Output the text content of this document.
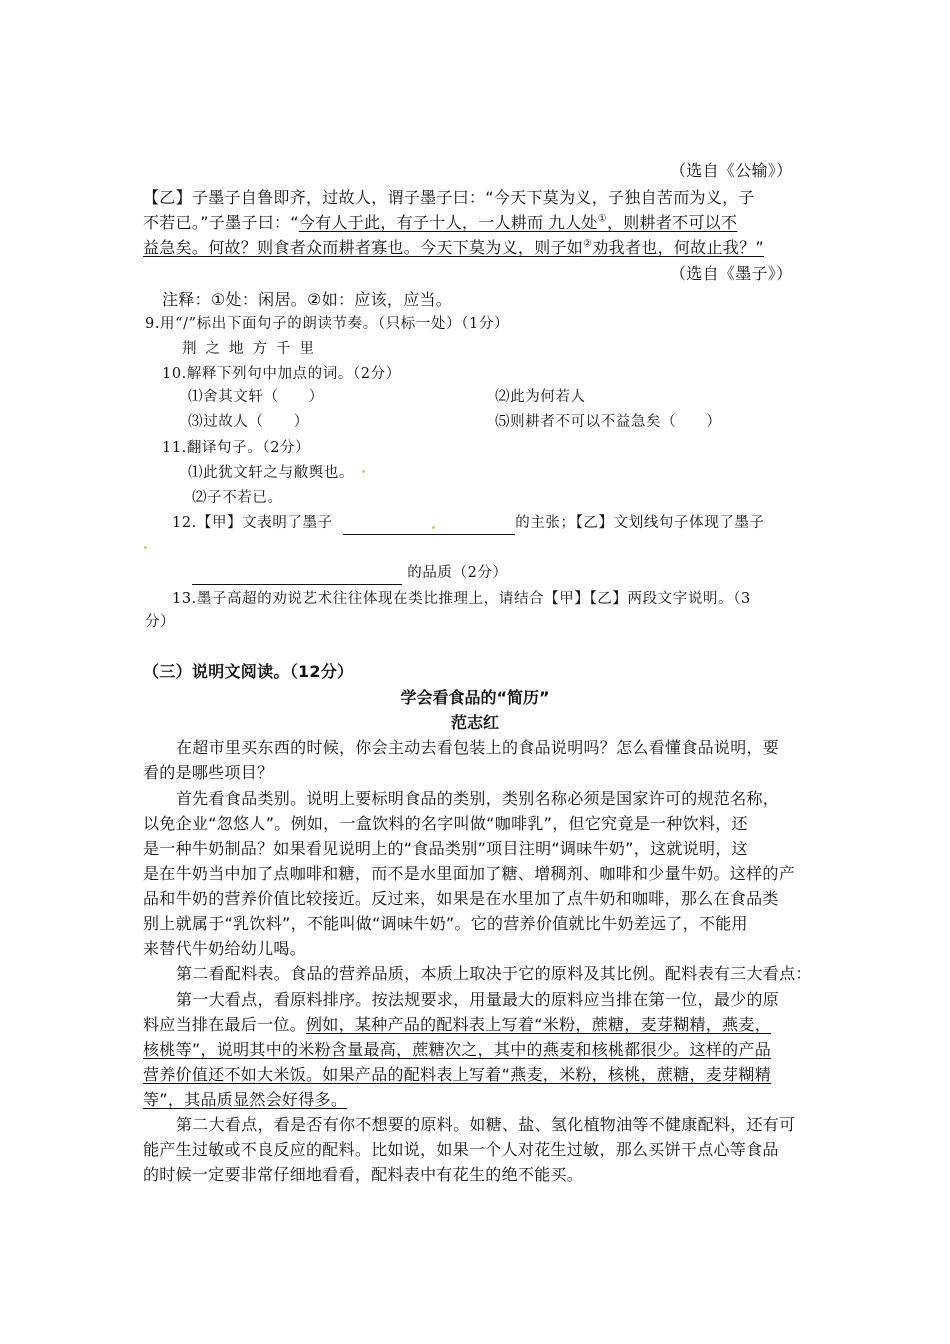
（选自《公输》）
【乙】子墨子自鲁即齐，过故人，谓子墨子曰：“今天下莫为义，子独自苦而为义，子
不若已。”子墨子曰：“今有人于此，有子十人，一人耕而 九人处①，则耕者不可以不
益急矣。何故？则食者众而耕者寡也。今天下莫为义，则子如②劝我者也，何故止我？”
（选自《墨子》）
注释：①处：闲居。②如：应该，应当。
9.用“/”标出下面句子的朗读节奏。（只标一处）（1分）
荆之地方千里
10.解释下列句中加点的词。（2分）
⑴舍其文轩（　　）	⑵此为何若人
⑶过故人（　　）	⑸则耕者不可以不益急矣（　　）
11.翻译句子。（2分）
⑴此犹文轩之与敝舆也。
⑵子不若已。
12.【甲】文表明了墨子	的主张；【乙】文划线句子体现了墨子
的品质（2分）
13.墨子高超的劝说艺术往往体现在类比推理上，请结合【甲】【乙】两段文字说明。（3
分）
（三）说明文阅读。（12分）
学会看食品的“简历”
范志红
在超市里买东西的时候，你会主动去看包装上的食品说明吗？怎么看懂食品说明，要
看的是哪些项目？
首先看食品类别。说明上要标明食品的类别，类别名称必须是国家许可的规范名称，
以免企业“忽悠人”。例如，一盒饮料的名字叫做“咖啡乳”，但它究竟是一种饮料，还
是一种牛奶制品？如果看见说明上的“食品类别”项目注明“调味牛奶”，这就说明，这
是在牛奶当中加了点咖啡和糖，而不是水里面加了糖、增稠剂、咖啡和少量牛奶。这样的产
品和牛奶的营养价值比较接近。反过来，如果是在水里加了点牛奶和咖啡，那么在食品类
别上就属于“乳饮料”，不能叫做“调味牛奶”。它的营养价值就比牛奶差远了，不能用
来替代牛奶给幼儿喝。
第二看配料表。食品的营养品质，本质上取决于它的原料及其比例。配料表有三大看点：
第一大看点，看原料排序。按法规要求，用量最大的原料应当排在第一位，最少的原
料应当排在最后一位。例如，某种产品的配料表上写着“米粉，蔗糖，麦芽糊精，燕麦，
核桃等”，说明其中的米粉含量最高，蔗糖次之，其中的燕麦和核桃都很少。这样的产品
营养价值还不如大米饭。如果产品的配料表上写着“燕麦，米粉，核桃，蔗糖，麦芽糊精
等”，其品质显然会好得多。
第二大看点，看是否有你不想要的原料。如糖、盐、氢化植物油等不健康配料，还有可
能产生过敏或不良反应的配料。比如说，如果一个人对花生过敏，那么买饼干点心等食品
的时候一定要非常仔细地看看，配料表中有花生的绝不能买。
